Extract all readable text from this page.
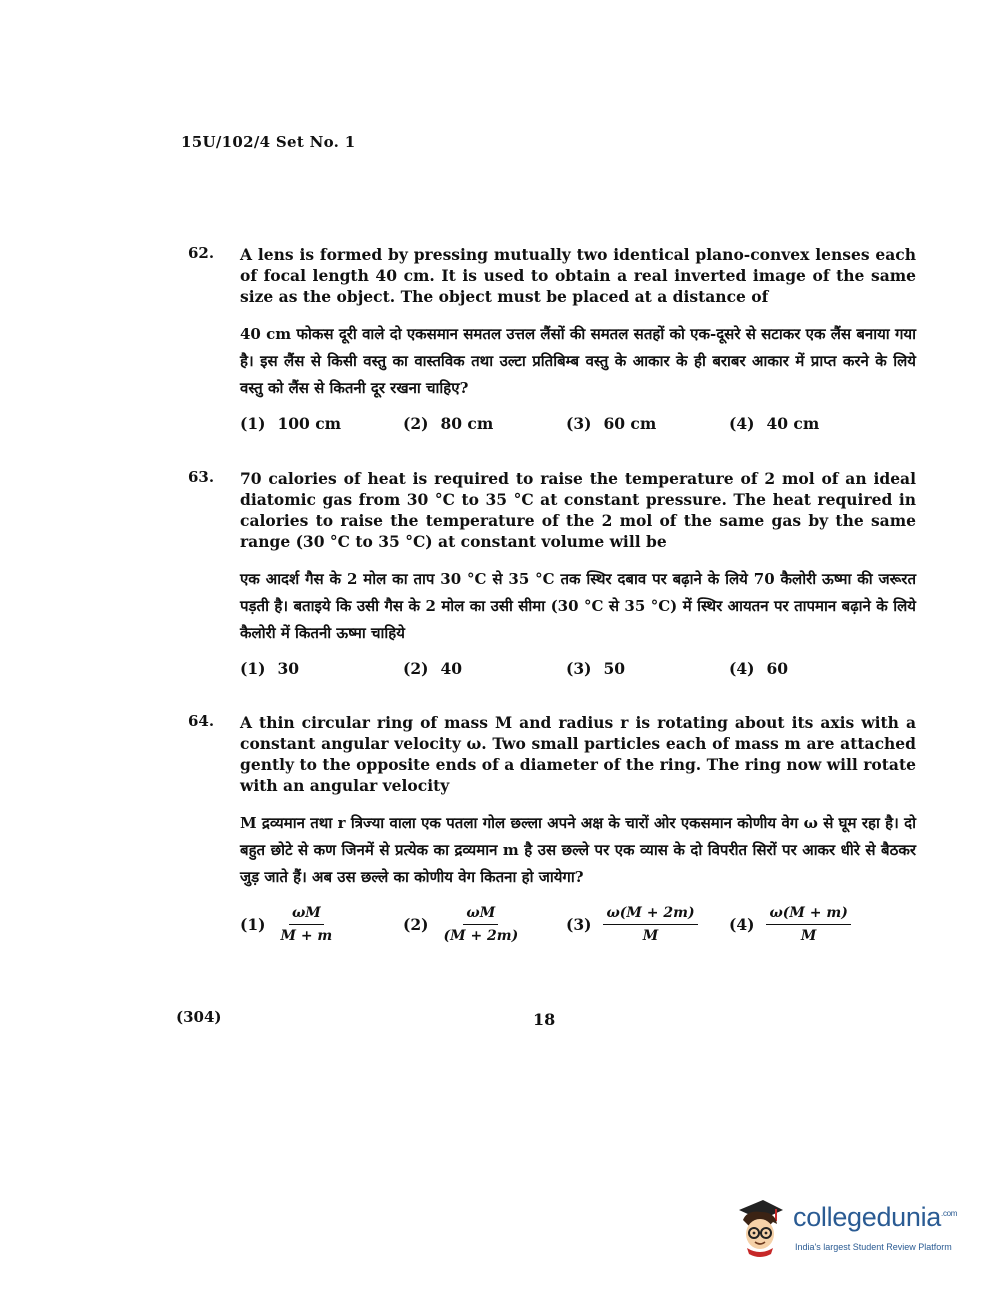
15U/102/4 Set No. 1
62. A lens is formed by pressing mutually two identical plano-convex lenses each of focal length 40 cm. It is used to obtain a real inverted image of the same size as the object. The object must be placed at a distance of
40 cm फोकस दूरी वाले दो एकसमान समतल उत्तल लैंसों की समतल सतहों को एक-दूसरे से सटाकर एक लैंस बनाया गया है। इस लैंस से किसी वस्तु का वास्तविक तथा उल्टा प्रतिबिम्ब वस्तु के आकार के ही बराबर आकार में प्राप्त करने के लिये वस्तु को लैंस से कितनी दूर रखना चाहिए?
(1) 100 cm	(2) 80 cm	(3) 60 cm	(4) 40 cm
63. 70 calories of heat is required to raise the temperature of 2 mol of an ideal diatomic gas from 30 °C to 35 °C at constant pressure. The heat required in calories to raise the temperature of the 2 mol of the same gas by the same range (30 °C to 35 °C) at constant volume will be
एक आदर्श गैस के 2 मोल का ताप 30 °C से 35 °C तक स्थिर दबाव पर बढ़ाने के लिये 70 कैलोरी ऊष्मा की जरूरत पड़ती है। बताइये कि उसी गैस के 2 मोल का उसी सीमा (30 °C से 35 °C) में स्थिर आयतन पर तापमान बढ़ाने के लिये कैलोरी में कितनी ऊष्मा चाहिये
(1) 30	(2) 40	(3) 50	(4) 60
64. A thin circular ring of mass M and radius r is rotating about its axis with a constant angular velocity ω. Two small particles each of mass m are attached gently to the opposite ends of a diameter of the ring. The ring now will rotate with an angular velocity
M द्रव्यमान तथा r त्रिज्या वाला एक पतला गोल छल्ला अपने अक्ष के चारों ओर एकसमान कोणीय वेग ω से घूम रहा है। दो बहुत छोटे से कण जिनमें से प्रत्येक का द्रव्यमान m है उस छल्ले पर एक व्यास के दो विपरीत सिरों पर आकर धीरे से बैठकर जुड़ जाते हैं। अब उस छल्ले का कोणीय वेग कितना हो जायेगा?
$(1) \frac{\omega M}{M + m}$	$(2) \frac{\omega M}{(M + 2m)}$	$(3) \frac{\omega(M + 2m)}{M} (4) \frac{\omega(M + m)}{M}$
(304)	18
collegedunia$^{.com}$
India's largest Student Review Platform
